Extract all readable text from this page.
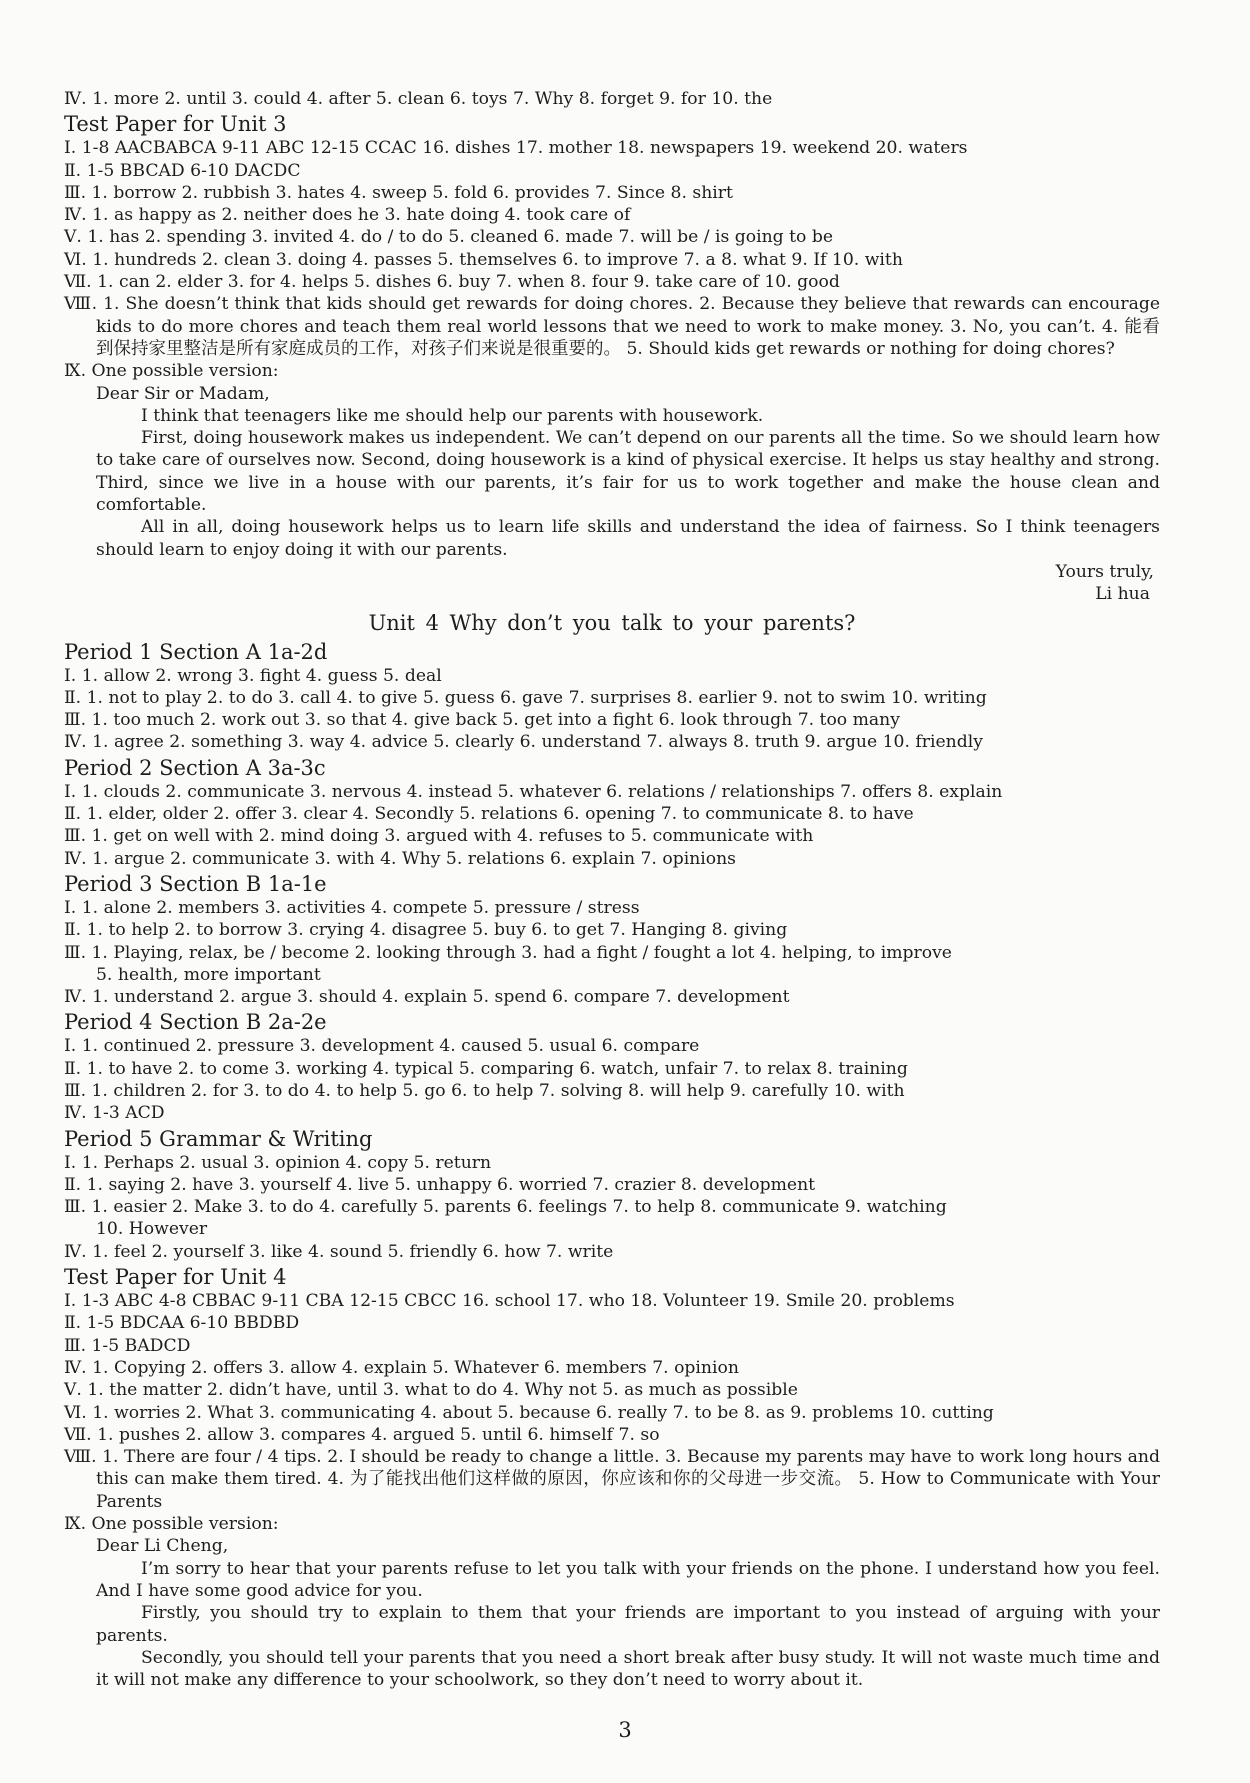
Ⅳ. 1. more 2. until 3. could 4. after 5. clean 6. toys 7. Why 8. forget 9. for 10. the
Test Paper for Unit 3
Ⅰ. 1-8 AACBABCA 9-11 ABC 12-15 CCAC 16. dishes 17. mother 18. newspapers 19. weekend 20. waters
Ⅱ. 1-5 BBCAD 6-10 DACDC
Ⅲ. 1. borrow 2. rubbish 3. hates 4. sweep 5. fold 6. provides 7. Since 8. shirt
Ⅳ. 1. as happy as 2. neither does he 3. hate doing 4. took care of
Ⅴ. 1. has 2. spending 3. invited 4. do / to do 5. cleaned 6. made 7. will be / is going to be
Ⅵ. 1. hundreds 2. clean 3. doing 4. passes 5. themselves 6. to improve 7. a 8. what 9. If 10. with
Ⅶ. 1. can 2. elder 3. for 4. helps 5. dishes 6. buy 7. when 8. four 9. take care of 10. good
Ⅷ. 1. She doesn’t think that kids should get rewards for doing chores. 2. Because they believe that rewards can encourage kids to do more chores and teach them real world lessons that we need to work to make money. 3. No, you can’t. 4. 能看到保持家里整洁是所有家庭成员的工作，对孩子们来说是很重要的。 5. Should kids get rewards or nothing for doing chores?
Ⅸ. One possible version:
Dear Sir or Madam,
I think that teenagers like me should help our parents with housework.
First, doing housework makes us independent. We can’t depend on our parents all the time. So we should learn how to take care of ourselves now. Second, doing housework is a kind of physical exercise. It helps us stay healthy and strong. Third, since we live in a house with our parents, it’s fair for us to work together and make the house clean and comfortable.
All in all, doing housework helps us to learn life skills and understand the idea of fairness. So I think teenagers should learn to enjoy doing it with our parents.
Yours truly,
Li hua
Unit 4 Why don’t you talk to your parents?
Period 1 Section A 1a-2d
Ⅰ. 1. allow 2. wrong 3. fight 4. guess 5. deal
Ⅱ. 1. not to play 2. to do 3. call 4. to give 5. guess 6. gave 7. surprises 8. earlier 9. not to swim 10. writing
Ⅲ. 1. too much 2. work out 3. so that 4. give back 5. get into a fight 6. look through 7. too many
Ⅳ. 1. agree 2. something 3. way 4. advice 5. clearly 6. understand 7. always 8. truth 9. argue 10. friendly
Period 2 Section A 3a-3c
Ⅰ. 1. clouds 2. communicate 3. nervous 4. instead 5. whatever 6. relations / relationships 7. offers 8. explain
Ⅱ. 1. elder, older 2. offer 3. clear 4. Secondly 5. relations 6. opening 7. to communicate 8. to have
Ⅲ. 1. get on well with 2. mind doing 3. argued with 4. refuses to 5. communicate with
Ⅳ. 1. argue 2. communicate 3. with 4. Why 5. relations 6. explain 7. opinions
Period 3 Section B 1a-1e
Ⅰ. 1. alone 2. members 3. activities 4. compete 5. pressure / stress
Ⅱ. 1. to help 2. to borrow 3. crying 4. disagree 5. buy 6. to get 7. Hanging 8. giving
Ⅲ. 1. Playing, relax, be / become 2. looking through 3. had a fight / fought a lot 4. helping, to improve
5. health, more important
Ⅳ. 1. understand 2. argue 3. should 4. explain 5. spend 6. compare 7. development
Period 4 Section B 2a-2e
Ⅰ. 1. continued 2. pressure 3. development 4. caused 5. usual 6. compare
Ⅱ. 1. to have 2. to come 3. working 4. typical 5. comparing 6. watch, unfair 7. to relax 8. training
Ⅲ. 1. children 2. for 3. to do 4. to help 5. go 6. to help 7. solving 8. will help 9. carefully 10. with
Ⅳ. 1-3 ACD
Period 5 Grammar & Writing
Ⅰ. 1. Perhaps 2. usual 3. opinion 4. copy 5. return
Ⅱ. 1. saying 2. have 3. yourself 4. live 5. unhappy 6. worried 7. crazier 8. development
Ⅲ. 1. easier 2. Make 3. to do 4. carefully 5. parents 6. feelings 7. to help 8. communicate 9. watching
10. However
Ⅳ. 1. feel 2. yourself 3. like 4. sound 5. friendly 6. how 7. write
Test Paper for Unit 4
Ⅰ. 1-3 ABC 4-8 CBBAC 9-11 CBA 12-15 CBCC 16. school 17. who 18. Volunteer 19. Smile 20. problems
Ⅱ. 1-5 BDCAA 6-10 BBDBD
Ⅲ. 1-5 BADCD
Ⅳ. 1. Copying 2. offers 3. allow 4. explain 5. Whatever 6. members 7. opinion
Ⅴ. 1. the matter 2. didn’t have, until 3. what to do 4. Why not 5. as much as possible
Ⅵ. 1. worries 2. What 3. communicating 4. about 5. because 6. really 7. to be 8. as 9. problems 10. cutting
Ⅶ. 1. pushes 2. allow 3. compares 4. argued 5. until 6. himself 7. so
Ⅷ. 1. There are four / 4 tips. 2. I should be ready to change a little. 3. Because my parents may have to work long hours and this can make them tired. 4. 为了能找出他们这样做的原因，你应该和你的父母进一步交流。 5. How to Communicate with Your Parents
Ⅸ. One possible version:
Dear Li Cheng,
I’m sorry to hear that your parents refuse to let you talk with your friends on the phone. I understand how you feel. And I have some good advice for you.
Firstly, you should try to explain to them that your friends are important to you instead of arguing with your parents.
Secondly, you should tell your parents that you need a short break after busy study. It will not waste much time and it will not make any difference to your schoolwork, so they don’t need to worry about it.
3
